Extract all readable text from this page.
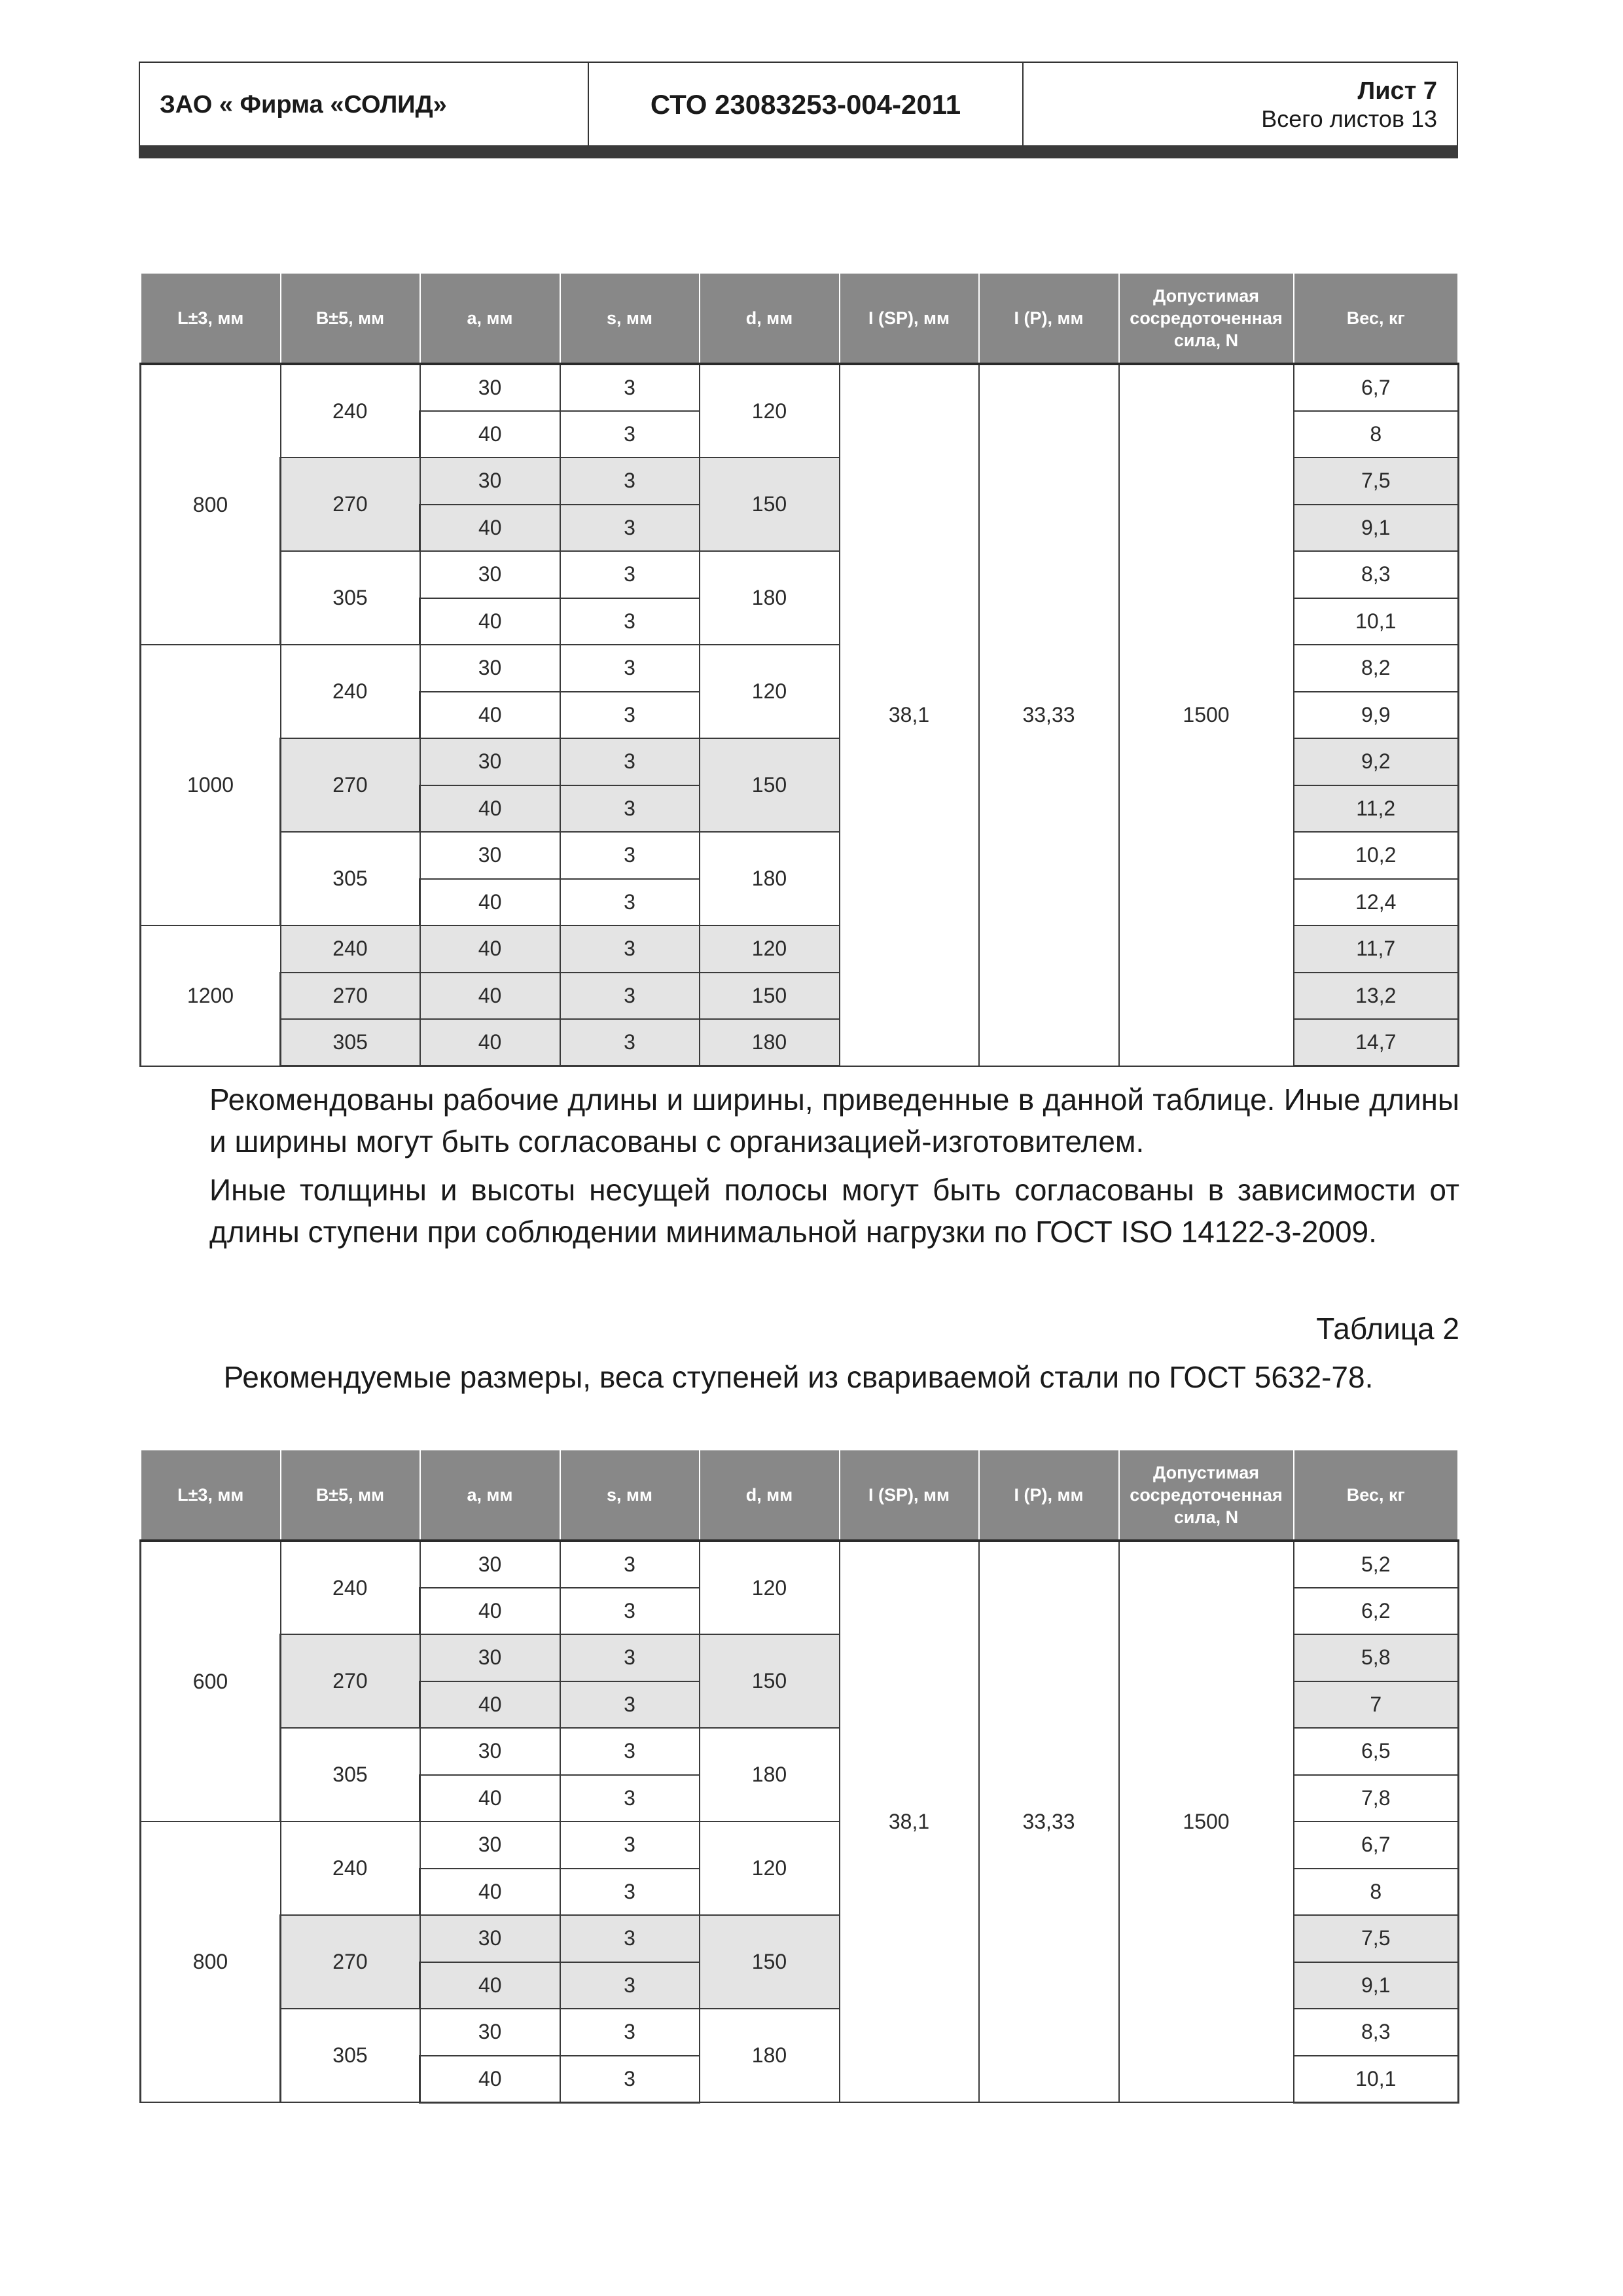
ЗАО « Фирма «СОЛИД»	СТО 23083253-004-2011	Лист 7
Всего листов 13
L±3, мм	B±5, мм	a, мм	s, мм	d, мм	I (SP), мм	I (P), мм	Допустимая сосредоточенная сила, N	Вес, кг
800	240	30	3	120	38,1	33,33	1500	6,7
		40	3					8
	270	30	3	150				7,5
		40	3					9,1
	305	30	3	180				8,3
		40	3					10,1
1000	240	30	3	120				8,2
		40	3					9,9
	270	30	3	150				9,2
		40	3					11,2
	305	30	3	180				10,2
		40	3					12,4
1200	240	40	3	120				11,7
	270	40	3	150				13,2
	305	40	3	180				14,7

Рекомендованы рабочие длины и ширины, приведенные в данной таблице. Иные длины и ширины могут быть согласованы с организацией-изготовителем.

Иные толщины и высоты несущей полосы могут быть согласованы в зависимости от длины ступени при соблюдении минимальной нагрузки по ГОСТ ISO 14122-3-2009.

Таблица 2

Рекомендуемые размеры, веса ступеней из свариваемой стали по ГОСТ 5632-78.

L±3, мм	B±5, мм	a, мм	s, мм	d, мм	I (SP), мм	I (P), мм	Допустимая сосредоточенная сила, N	Вес, кг
600	240	30	3	120	38,1	33,33	1500	5,2
		40	3					6,2
	270	30	3	150				5,8
		40	3					7
	305	30	3	180				6,5
		40	3					7,8
800	240	30	3	120				6,7
		40	3					8
	270	30	3	150				7,5
		40	3					9,1
	305	30	3	180				8,3
		40	3					10,1
